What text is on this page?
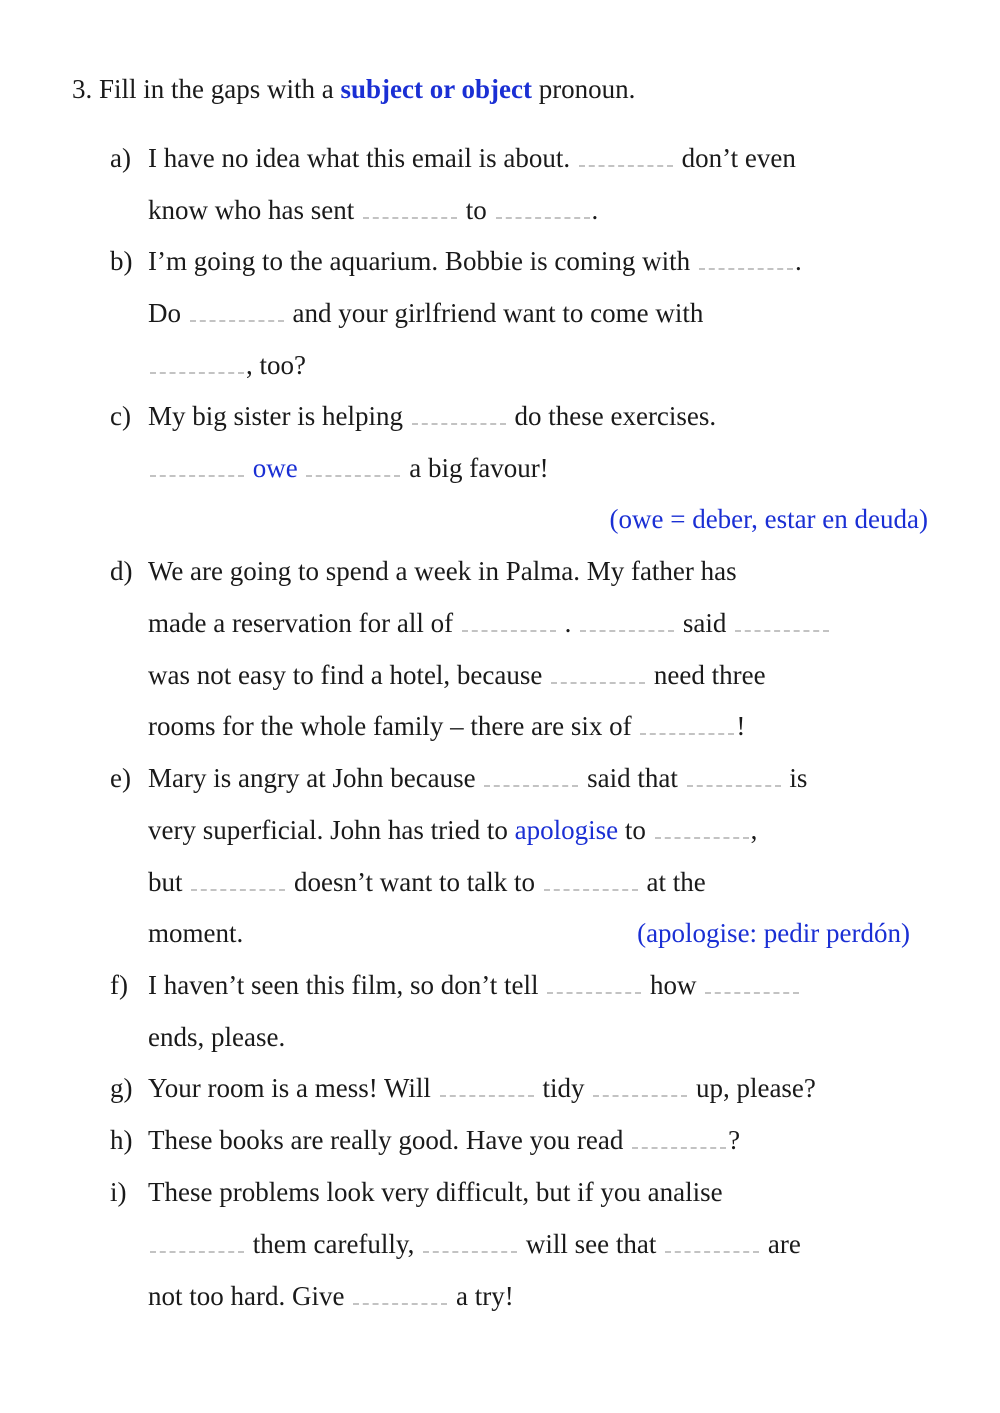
3. Fill in the gaps with a subject or object pronoun.
a) I have no idea what this email is about.	don’t even
know who has sent	to	.
b) I’m going to the aquarium. Bobbie is coming with	.
Do	and your girlfriend want to come with
, too?
c) My big sister is helping	do these exercises.
owe	a big favour!
(owe = deber, estar en deuda)
d) We are going to spend a week in Palma. My father has
made a reservation for all of	.	said
was not easy to find a hotel, because	need three
rooms for the whole family – there are six of	!
e) Mary is angry at John because	said that	is
very superficial. John has tried to apologise to	,
but	doesn’t want to talk to	at the
moment.	(apologise: pedir perdón)
f) I haven’t seen this film, so don’t tell	how
ends, please.
g) Your room is a mess! Will	tidy	up, please?
h) These books are really good. Have you read	?
i) These problems look very difficult, but if you analise
them carefully,	will see that	are
not too hard. Give	a try!
